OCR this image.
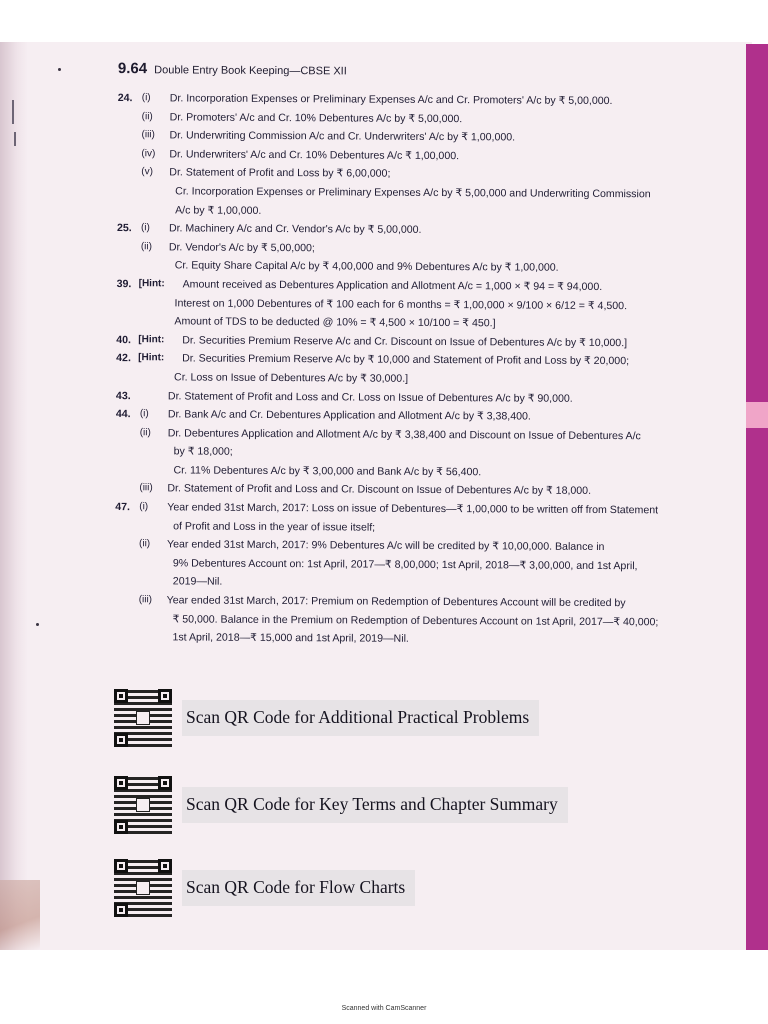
9.64 Double Entry Book Keeping—CBSE XII
24. (i)	Dr. Incorporation Expenses or Preliminary Expenses A/c and Cr. Promoters' A/c by ₹ 5,00,000.
(ii)	Dr. Promoters' A/c and Cr. 10% Debentures A/c by ₹ 5,00,000.
(iii)	Dr. Underwriting Commission A/c and Cr. Underwriters' A/c by ₹ 1,00,000.
(iv)	Dr. Underwriters' A/c and Cr. 10% Debentures A/c ₹ 1,00,000.
(v)	Dr. Statement of Profit and Loss by ₹ 6,00,000;
Cr. Incorporation Expenses or Preliminary Expenses A/c by ₹ 5,00,000 and Underwriting Commission
A/c by ₹ 1,00,000.
25. (i)	Dr. Machinery A/c and Cr. Vendor's A/c by ₹ 5,00,000.
(ii)	Dr. Vendor's A/c by ₹ 5,00,000;
Cr. Equity Share Capital A/c by ₹ 4,00,000 and 9% Debentures A/c by ₹ 1,00,000.
39. [Hint: Amount received as Debentures Application and Allotment A/c = 1,000 × ₹ 94 = ₹ 94,000.
Interest on 1,000 Debentures of ₹ 100 each for 6 months = ₹ 1,00,000 × 9/100 × 6/12 = ₹ 4,500.
Amount of TDS to be deducted @ 10% = ₹ 4,500 × 10/100 = ₹ 450.]
40. [Hint: Dr. Securities Premium Reserve A/c and Cr. Discount on Issue of Debentures A/c by ₹ 10,000.]
42. [Hint: Dr. Securities Premium Reserve A/c by ₹ 10,000 and Statement of Profit and Loss by ₹ 20,000;
Cr. Loss on Issue of Debentures A/c by ₹ 30,000.]
43.	Dr. Statement of Profit and Loss and Cr. Loss on Issue of Debentures A/c by ₹ 90,000.
44. (i)	Dr. Bank A/c and Cr. Debentures Application and Allotment A/c by ₹ 3,38,400.
(ii)	Dr. Debentures Application and Allotment A/c by ₹ 3,38,400 and Discount on Issue of Debentures A/c
by ₹ 18,000;
Cr. 11% Debentures A/c by ₹ 3,00,000 and Bank A/c by ₹ 56,400.
(iii)	Dr. Statement of Profit and Loss and Cr. Discount on Issue of Debentures A/c by ₹ 18,000.
47. (i)	Year ended 31st March, 2017: Loss on issue of Debentures—₹ 1,00,000 to be written off from Statement
of Profit and Loss in the year of issue itself;
(ii)	Year ended 31st March, 2017: 9% Debentures A/c will be credited by ₹ 10,00,000. Balance in
9% Debentures Account on: 1st April, 2017—₹ 8,00,000; 1st April, 2018—₹ 3,00,000, and 1st April,
2019—Nil.
(iii)	Year ended 31st March, 2017: Premium on Redemption of Debentures Account will be credited by
₹ 50,000. Balance in the Premium on Redemption of Debentures Account on 1st April, 2017—₹ 40,000;
1st April, 2018—₹ 15,000 and 1st April, 2019—Nil.
Scan QR Code for Additional Practical Problems
Scan QR Code for Key Terms and Chapter Summary
Scan QR Code for Flow Charts
Scanned with CamScanner
